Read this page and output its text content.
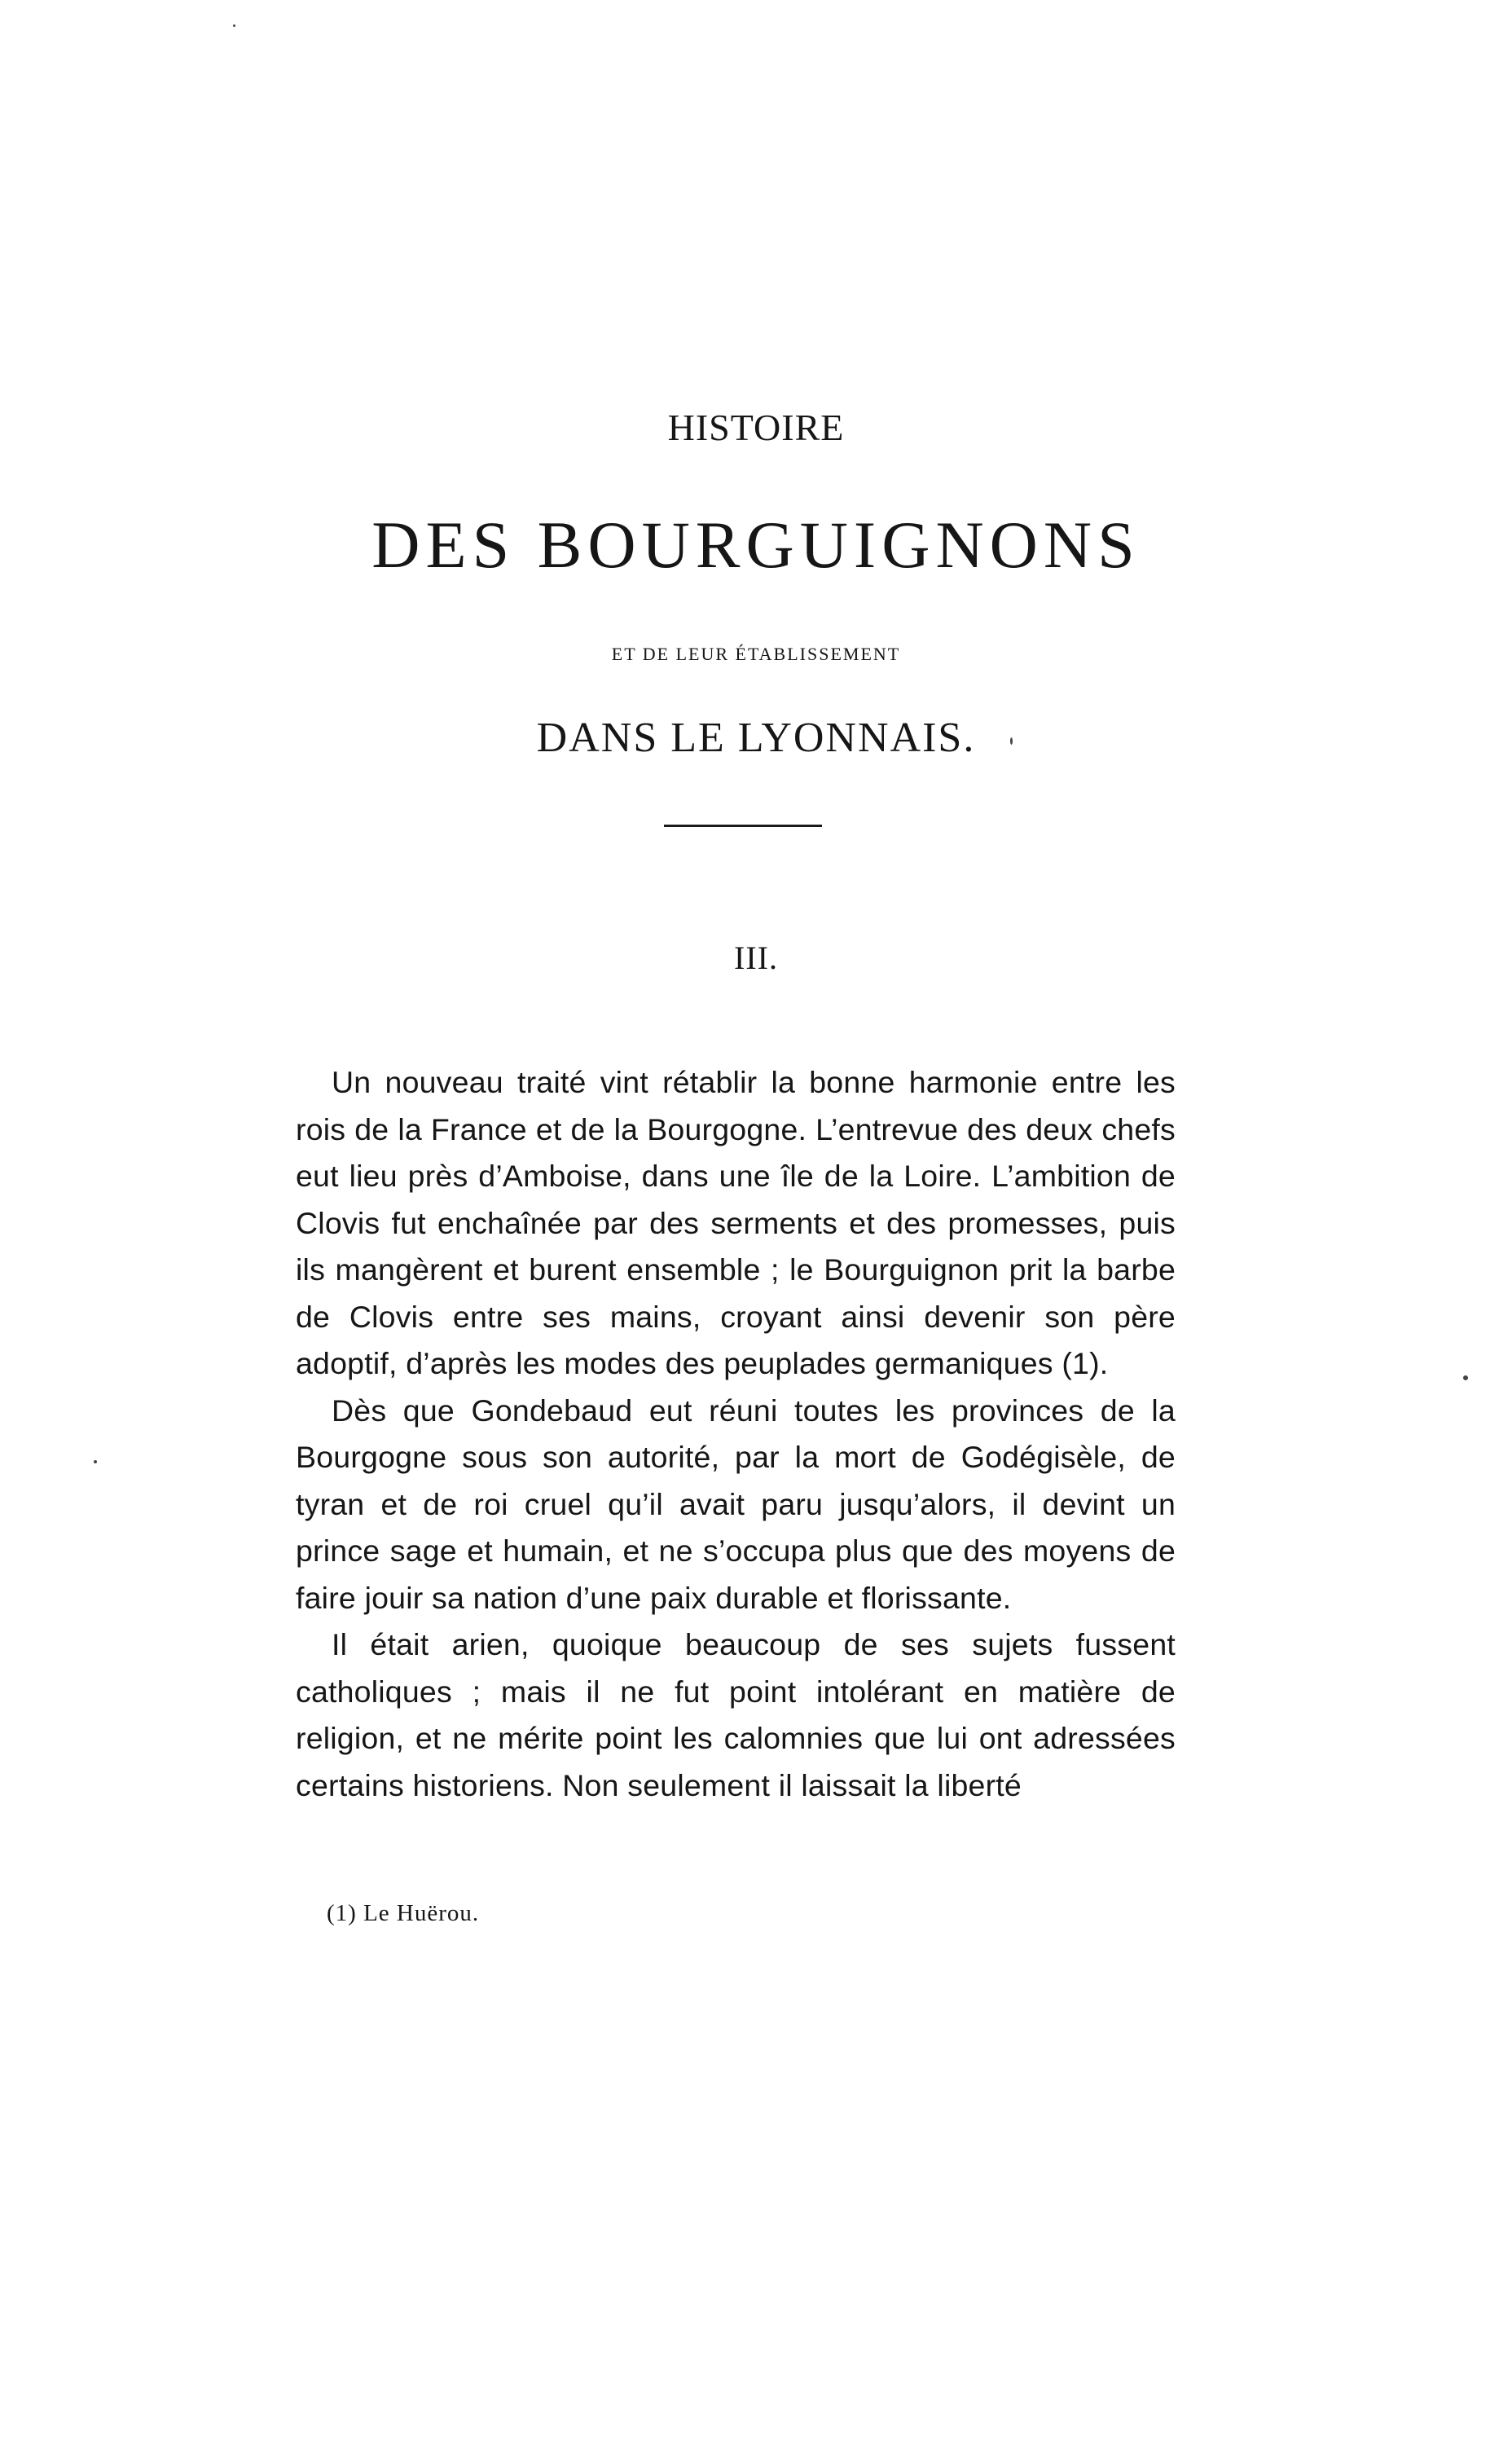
HISTOIRE
DES BOURGUIGNONS
ET DE LEUR ÉTABLISSEMENT
DANS LE LYONNAIS.
III.

Un nouveau traité vint rétablir la bonne harmonie entre les rois de la France et de la Bourgogne. L’entrevue des deux chefs eut lieu près d’Amboise, dans une île de la Loire. L’ambition de Clovis fut enchaînée par des serments et des promesses, puis ils mangèrent et burent ensemble ; le Bourguignon prit la barbe de Clovis entre ses mains, croyant ainsi devenir son père adoptif, d’après les modes des peuplades germaniques (1).

Dès que Gondebaud eut réuni toutes les provinces de la Bourgogne sous son autorité, par la mort de Godégisèle, de tyran et de roi cruel qu’il avait paru jusqu’alors, il devint un prince sage et humain, et ne s’occupa plus que des moyens de faire jouir sa nation d’une paix durable et florissante.

Il était arien, quoique beaucoup de ses sujets fussent catholiques ; mais il ne fut point intolérant en matière de religion, et ne mérite point les calomnies que lui ont adressées certains historiens. Non seulement il laissait la liberté

(1) Le Huërou.
